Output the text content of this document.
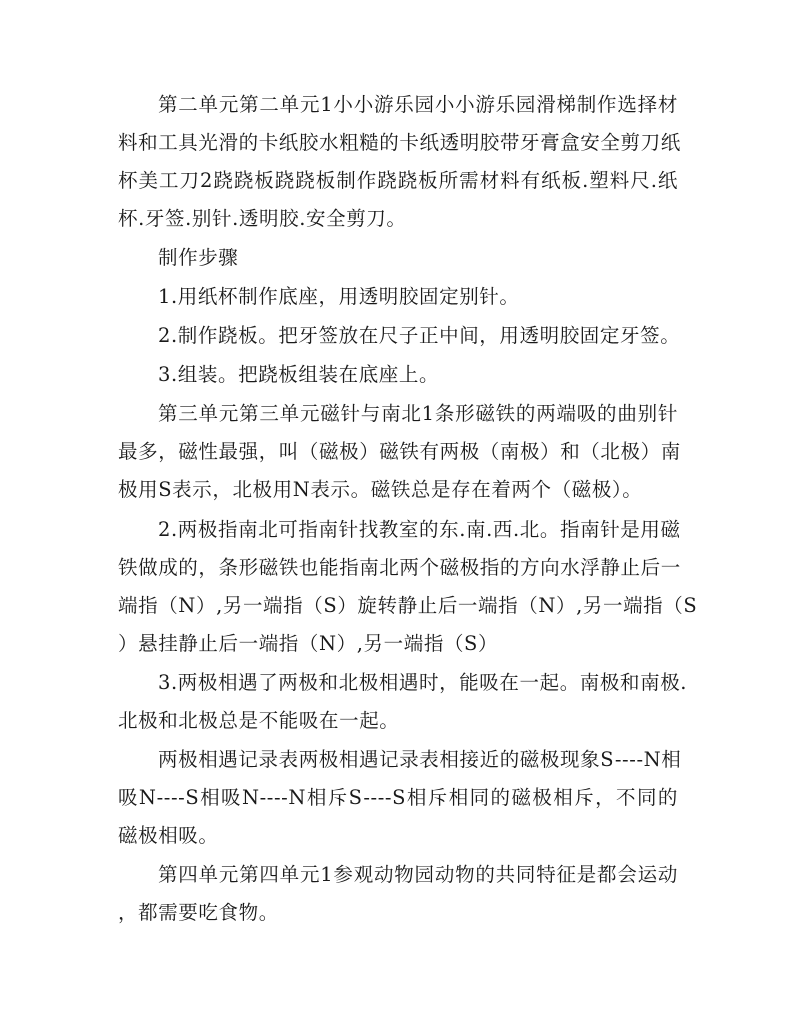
第二单元第二单元1小小游乐园小小游乐园滑梯制作选择材
料和工具光滑的卡纸胶水粗糙的卡纸透明胶带牙膏盒安全剪刀纸
杯美工刀2跷跷板跷跷板制作跷跷板所需材料有纸板.塑料尺.纸
杯.牙签.别针.透明胶.安全剪刀。
制作步骤
1.用纸杯制作底座，用透明胶固定别针。
2.制作跷板。把牙签放在尺子正中间，用透明胶固定牙签。
3.组装。把跷板组装在底座上。
第三单元第三单元磁针与南北1条形磁铁的两端吸的曲别针
最多，磁性最强，叫（磁极）磁铁有两极（南极）和（北极）南
极用S表示，北极用N表示。磁铁总是存在着两个（磁极）。
2.两极指南北可指南针找教室的东.南.西.北。指南针是用磁
铁做成的，条形磁铁也能指南北两个磁极指的方向水浮静止后一
端指（N）,另一端指（S）旋转静止后一端指（N）,另一端指（S
）悬挂静止后一端指（N）,另一端指（S）
3.两极相遇了两极和北极相遇时，能吸在一起。南极和南极.
北极和北极总是不能吸在一起。
两极相遇记录表两极相遇记录表相接近的磁极现象S----N相
吸N----S相吸N----N相斥S----S相斥相同的磁极相斥，不同的
磁极相吸。
第四单元第四单元1参观动物园动物的共同特征是都会运动
，都需要吃食物。
